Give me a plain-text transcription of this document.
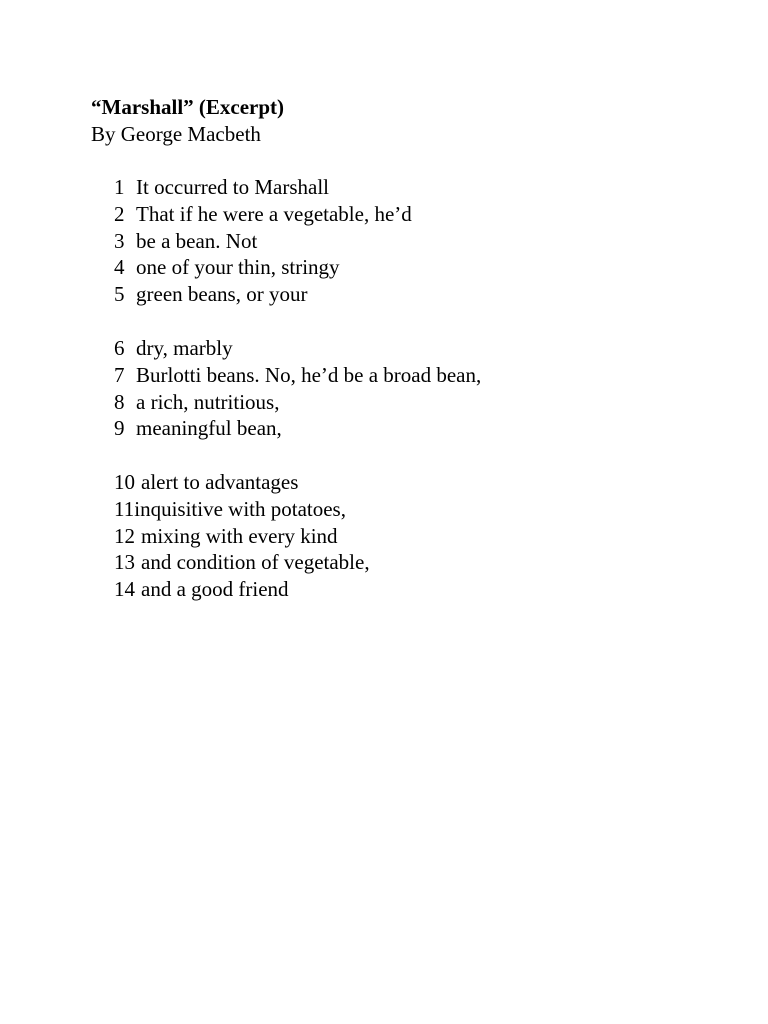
“Marshall” (Excerpt)
By George Macbeth
1 It occurred to Marshall
2 That if he were a vegetable, he’d
3 be a bean. Not
4 one of your thin, stringy
5 green beans, or your
6 dry, marbly
7 Burlotti beans. No, he’d be a broad bean,
8 a rich, nutritious,
9 meaningful bean,
10 alert to advantages
11inquisitive with potatoes,
12 mixing with every kind
13 and condition of vegetable,
14 and a good friend
